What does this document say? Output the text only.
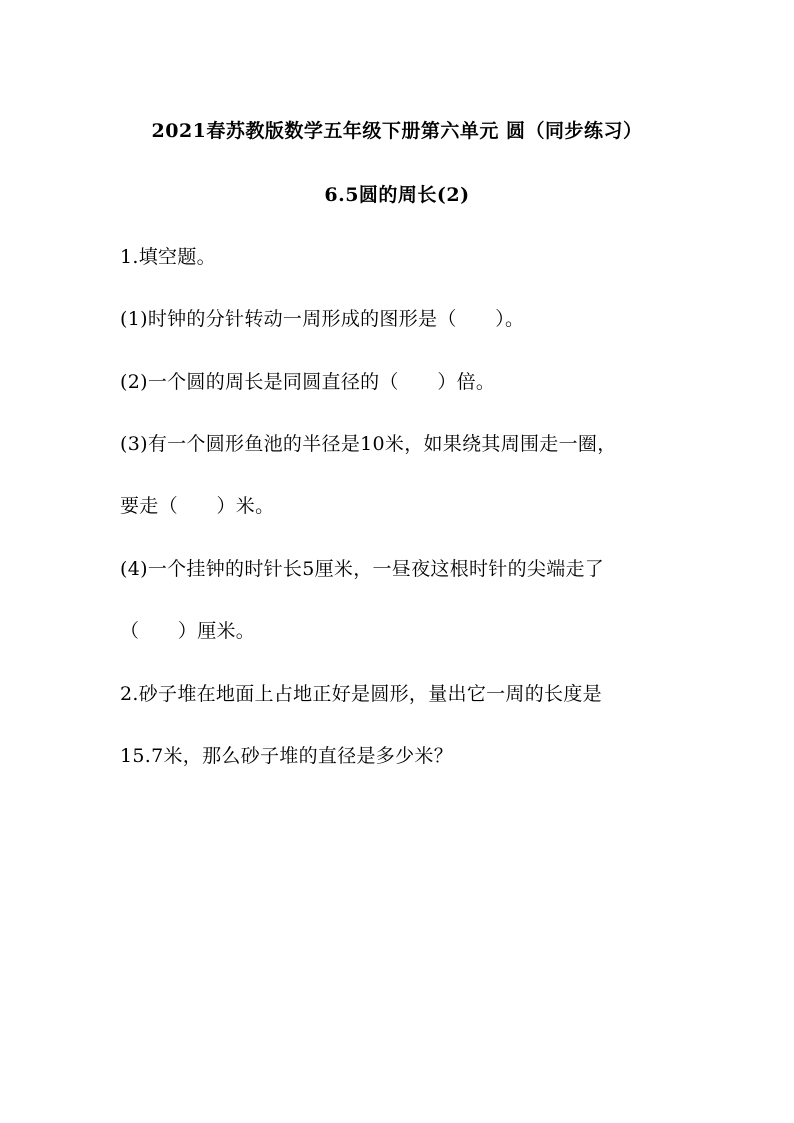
2021春苏教版数学五年级下册第六单元 圆（同步练习）
6.5圆的周长(2)
1.填空题。
(1)时钟的分针转动一周形成的图形是（　　）。
(2)一个圆的周长是同圆直径的（　　）倍。
(3)有一个圆形鱼池的半径是10米，如果绕其周围走一圈，
要走（　　）米。
(4)一个挂钟的时针长5厘米，一昼夜这根时针的尖端走了
（　　）厘米。
2.砂子堆在地面上占地正好是圆形，量出它一周的长度是
15.7米，那么砂子堆的直径是多少米？
